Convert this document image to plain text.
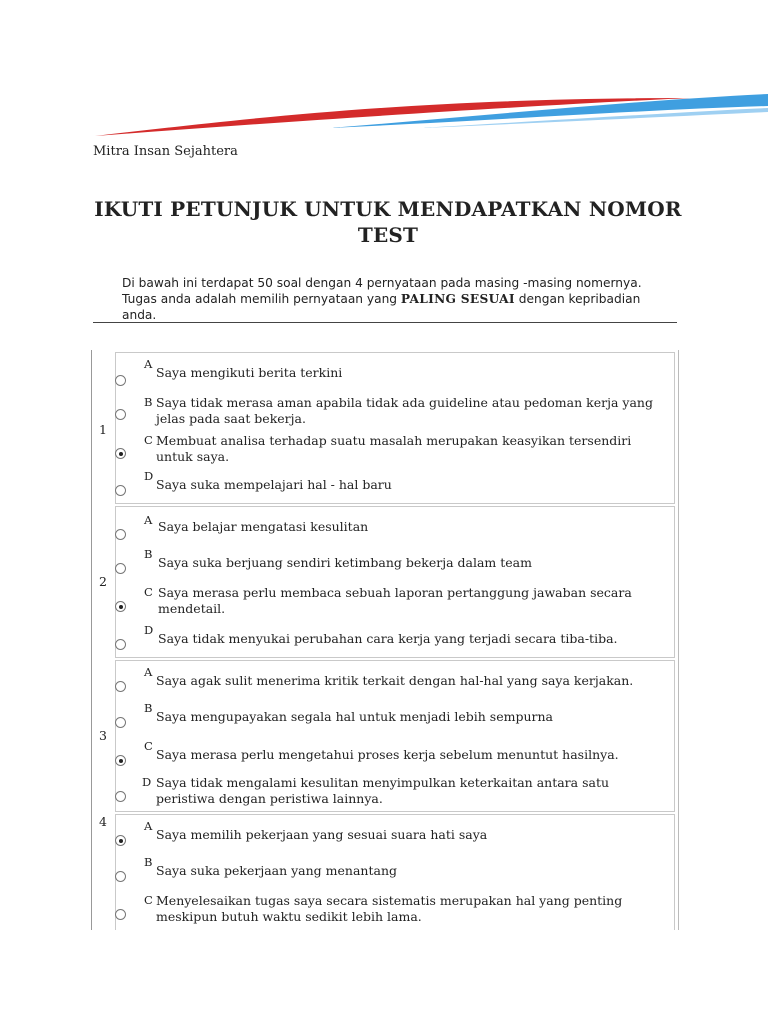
Mitra Insan Sejahtera
IKUTI PETUNJUK UNTUK MENDAPATKAN NOMOR
TEST
Di bawah ini terdapat 50 soal dengan 4 pernyataan pada masing -masing nomernya. Tugas anda adalah memilih pernyataan yang PALING SESUAI dengan kepribadian anda.
1
A
Saya mengikuti berita terkini
B Saya tidak merasa aman apabila tidak ada guideline atau pedoman kerja yang jelas pada saat bekerja.
C Membuat analisa terhadap suatu masalah merupakan keasyikan tersendiri untuk saya.
D
Saya suka mempelajari hal - hal baru
2
A Saya belajar mengatasi kesulitan
B
Saya suka berjuang sendiri ketimbang bekerja dalam team
C Saya merasa perlu membaca sebuah laporan pertanggung jawaban secara mendetail.
D
Saya tidak menyukai perubahan cara kerja yang terjadi secara tiba-tiba.
3
A
Saya agak sulit menerima kritik terkait dengan hal-hal yang saya kerjakan.
B
Saya mengupayakan segala hal untuk menjadi lebih sempurna
C
Saya merasa perlu mengetahui proses kerja sebelum menuntut hasilnya.
D Saya tidak mengalami kesulitan menyimpulkan keterkaitan antara satu peristiwa dengan peristiwa lainnya.
4	A
Saya memilih pekerjaan yang sesuai suara hati saya
B
Saya suka pekerjaan yang menantang
C Menyelesaikan tugas saya secara sistematis merupakan hal yang penting meskipun butuh waktu sedikit lebih lama.
